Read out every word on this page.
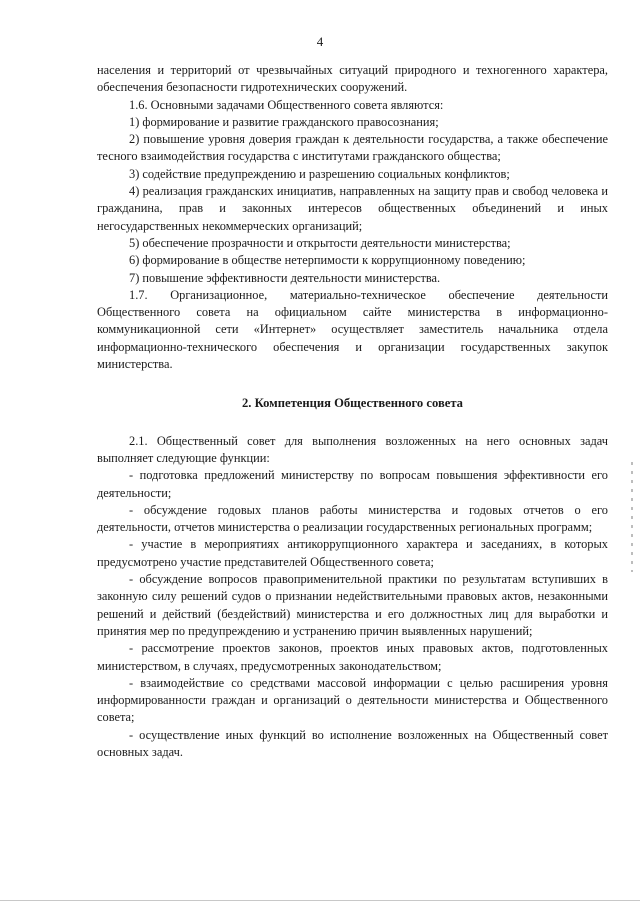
4

населения и территорий от чрезвычайных ситуаций природного и техногенного характера, обеспечения безопасности гидротехнических сооружений.

1.6. Основными задачами Общественного совета являются:

1) формирование и развитие гражданского правосознания;

2) повышение уровня доверия граждан к деятельности государства, а также обеспечение тесного взаимодействия государства с институтами гражданского общества;

3) содействие предупреждению и разрешению социальных конфликтов;

4) реализация гражданских инициатив, направленных на защиту прав и свобод человека и гражданина, прав и законных интересов общественных объединений и иных негосударственных некоммерческих организаций;

5) обеспечение прозрачности и открытости деятельности министерства;

6) формирование в обществе нетерпимости к коррупционному поведению;

7) повышение эффективности деятельности министерства.

1.7. Организационное, материально-техническое обеспечение деятельности Общественного совета на официальном сайте министерства в информационно-коммуникационной сети «Интернет» осуществляет заместитель начальника отдела информационно-технического обеспечения и организации государственных закупок министерства.

2. Компетенция Общественного совета

2.1. Общественный совет для выполнения возложенных на него основных задач выполняет следующие функции:

- подготовка предложений министерству по вопросам повышения эффективности его деятельности;

- обсуждение годовых планов работы министерства и годовых отчетов о его деятельности, отчетов министерства о реализации государственных региональных программ;

- участие в мероприятиях антикоррупционного характера и заседаниях, в которых предусмотрено участие представителей Общественного совета;

- обсуждение вопросов правоприменительной практики по результатам вступивших в законную силу решений судов о признании недействительными правовых актов, незаконными решений и действий (бездействий) министерства и его должностных лиц для выработки и принятия мер по предупреждению и устранению причин выявленных нарушений;

- рассмотрение проектов законов, проектов иных правовых актов, подготовленных министерством, в случаях, предусмотренных законодательством;

- взаимодействие со средствами массовой информации с целью расширения уровня информированности граждан и организаций о деятельности министерства и Общественного совета;

- осуществление иных функций во исполнение возложенных на Общественный совет основных задач.
